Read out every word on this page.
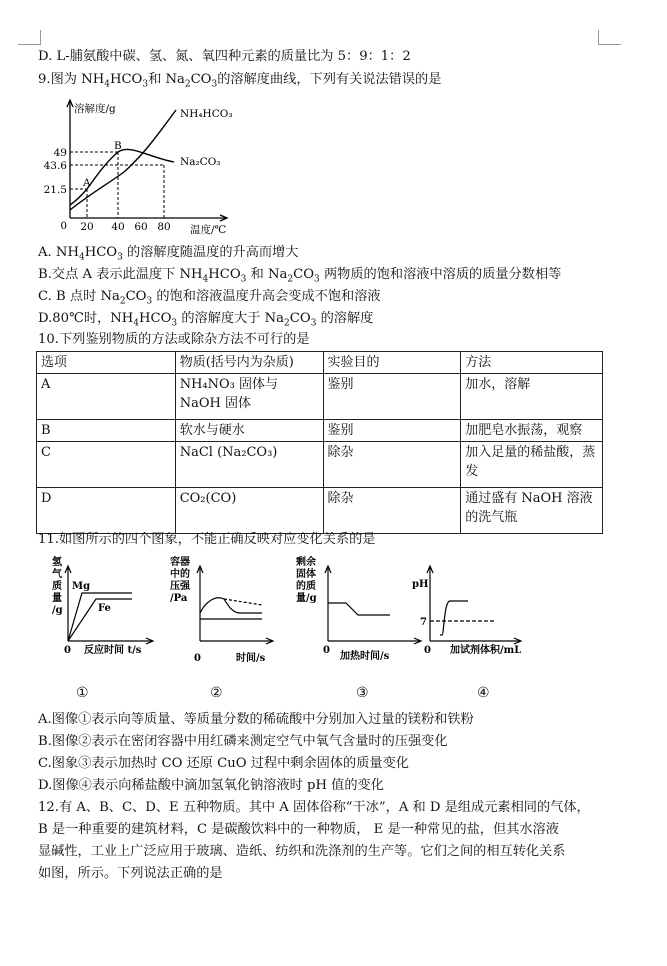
D. L-脯氨酸中碳、氢、氮、氧四种元素的质量比为 5：9：1：2
9.图为 $NH_4HCO_3$和 $Na_2CO_3$的溶解度曲线，下列有关说法错误的是
溶解度/g
温度/℃
49
43.6
21.5
0 20 40 60 80
A
B
NH₄HCO₃
Na₂CO₃
A. $NH_4HCO_3$ 的溶解度随温度的升高而增大
B.交点 A 表示此温度下 $NH_4HCO_3$ 和 $Na_2CO_3$ 两物质的饱和溶液中溶质的质量分数相等
C. B 点时 $Na_2CO_3$ 的饱和溶液温度升高会变成不饱和溶液
D.80℃时，$NH_4HCO_3$ 的溶解度大于 $Na_2CO_3$ 的溶解度
10.下列鉴别物质的方法或除杂方法不可行的是
选项	物质(括号内为杂质)	实验目的	方法
A	NH₄NO₃ 固体与 NaOH 固体	鉴别	加水，溶解
B	软水与硬水	鉴别	加肥皂水振荡，观察
C	NaCl (Na₂CO₃)	除杂	加入足量的稀盐酸，蒸发
D	CO₂(CO)	除杂	通过盛有 NaOH 溶液的洗气瓶
11.如图所示的四个图象，不能正确反映对应变化关系的是
氢
气
质
量
/g
反应时间 t/s
0
Mg
Fe
容器
中的
压强
/Pa
时间/s
0
剩余
固体
的质
量/g
加热时间/s
0
pH
7
加试剂体积/mL
0
①	②	③	④
A.图像①表示向等质量、等质量分数的稀硫酸中分别加入过量的镁粉和铁粉
B.图像②表示在密闭容器中用红磷来测定空气中氧气含量时的压强变化
C.图象③表示加热时 CO 还原 CuO 过程中剩余固体的质量变化
D.图像④表示向稀盐酸中滴加氢氧化钠溶液时 pH 值的变化
12.有 A、B、C、D、E 五种物质。其中 A 固体俗称“干冰”，A 和 D 是组成元素相同的气体，
B 是一种重要的建筑材料，C 是碳酸饮料中的一种物质， E 是一种常见的盐，但其水溶液
显碱性，工业上广泛应用于玻璃、造纸、纺织和洗涤剂的生产等。它们之间的相互转化关系
如图，所示。下列说法正确的是
